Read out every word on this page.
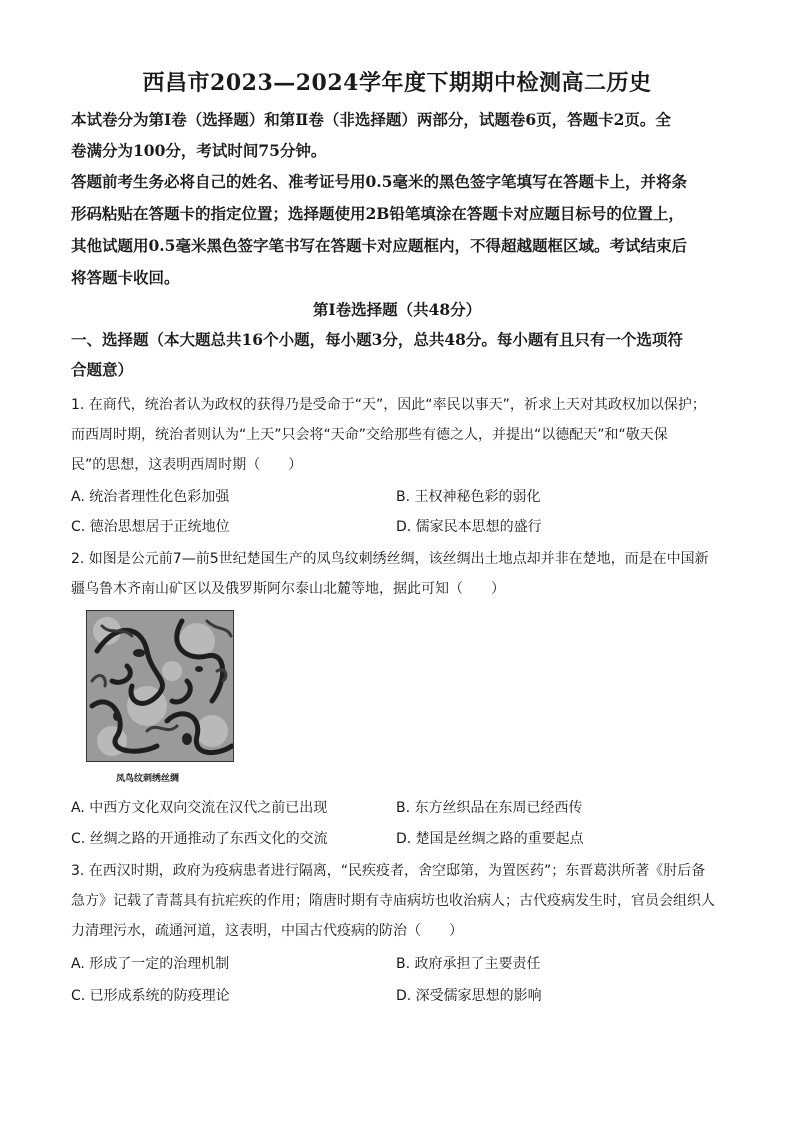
西昌市2023—2024学年度下期期中检测高二历史
本试卷分为第Ⅰ卷（选择题）和第Ⅱ卷（非选择题）两部分，试题卷6页，答题卡2页。全
卷满分为100分，考试时间75分钟。
答题前考生务必将自己的姓名、准考证号用0.5毫米的黑色签字笔填写在答题卡上，并将条
形码粘贴在答题卡的指定位置；选择题使用2B铅笔填涂在答题卡对应题目标号的位置上，
其他试题用0.5毫米黑色签字笔书写在答题卡对应题框内，不得超越题框区域。考试结束后
将答题卡收回。
第Ⅰ卷选择题（共48分）
一、选择题（本大题总共16个小题，每小题3分，总共48分。每小题有且只有一个选项符
合题意）
1. 在商代，统治者认为政权的获得乃是受命于“天”，因此“率民以事天”，祈求上天对其政权加以保护；
而西周时期，统治者则认为“上天”只会将“天命”交给那些有德之人，并提出“以德配天”和“敬天保
民”的思想，这表明西周时期（　　）
A. 统治者理性化色彩加强	B. 王权神秘色彩的弱化
C. 德治思想居于正统地位	D. 儒家民本思想的盛行
2. 如图是公元前7—前5世纪楚国生产的凤鸟纹刺绣丝绸，该丝绸出土地点却并非在楚地，而是在中国新
疆乌鲁木齐南山矿区以及俄罗斯阿尔泰山北麓等地，据此可知（　　）
凤鸟纹刺绣丝绸
A. 中西方文化双向交流在汉代之前已出现	B. 东方丝织品在东周已经西传
C. 丝绸之路的开通推动了东西文化的交流	D. 楚国是丝绸之路的重要起点
3. 在西汉时期，政府为疫病患者进行隔离，“民疾疫者，舍空邸第，为置医药”；东晋葛洪所著《肘后备
急方》记载了青蒿具有抗疟疾的作用；隋唐时期有寺庙病坊也收治病人；古代疫病发生时，官员会组织人
力清理污水，疏通河道，这表明，中国古代疫病的防治（　　）
A. 形成了一定的治理机制	B. 政府承担了主要责任
C. 已形成系统的防疫理论	D. 深受儒家思想的影响
